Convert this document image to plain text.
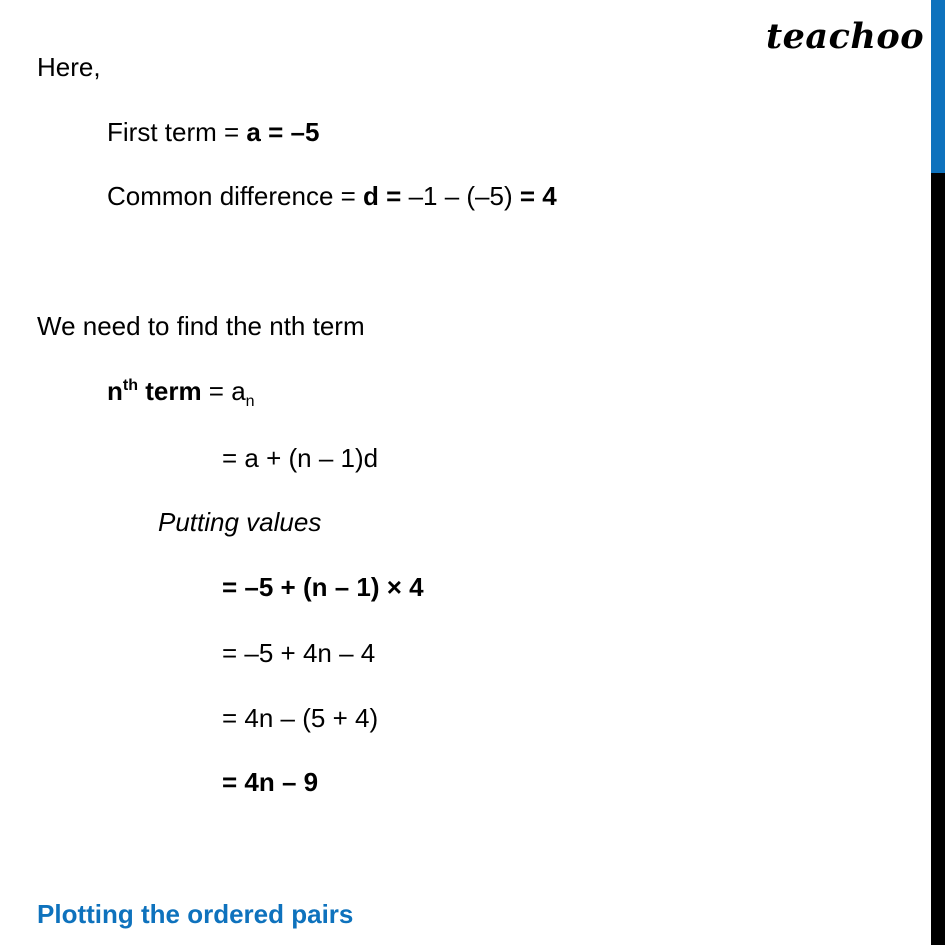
teachoo
Here,
First term = a = –5
Common difference = d = –1 – (–5) = 4
We need to find the nth term
$n^{th}$ term = $a_n$
= a + (n – 1)d
Putting values
= –5 + (n – 1) × 4
= –5 + 4n – 4
= 4n – (5 + 4)
= 4n – 9
Plotting the ordered pairs
